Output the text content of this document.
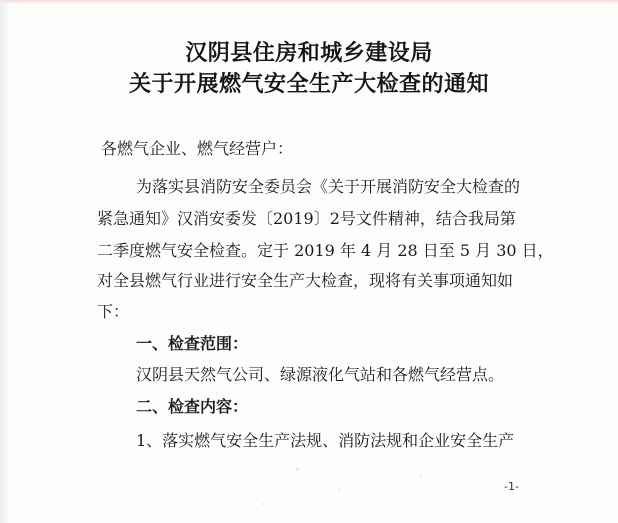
汉阴县住房和城乡建设局
关于开展燃气安全生产大检查的通知
各燃气企业、燃气经营户：
为落实县消防安全委员会《关于开展消防安全大检查的
紧急通知》汉消安委发〔2019〕2号文件精神，结合我局第
二季度燃气安全检查。定于 2019 年 4 月 28 日至 5 月 30 日，
对全县燃气行业进行安全生产大检查，现将有关事项通知如
下：
一、检查范围：
汉阴县天然气公司、绿源液化气站和各燃气经营点。
二、检查内容：
1、落实燃气安全生产法规、消防法规和企业安全生产
-1-
